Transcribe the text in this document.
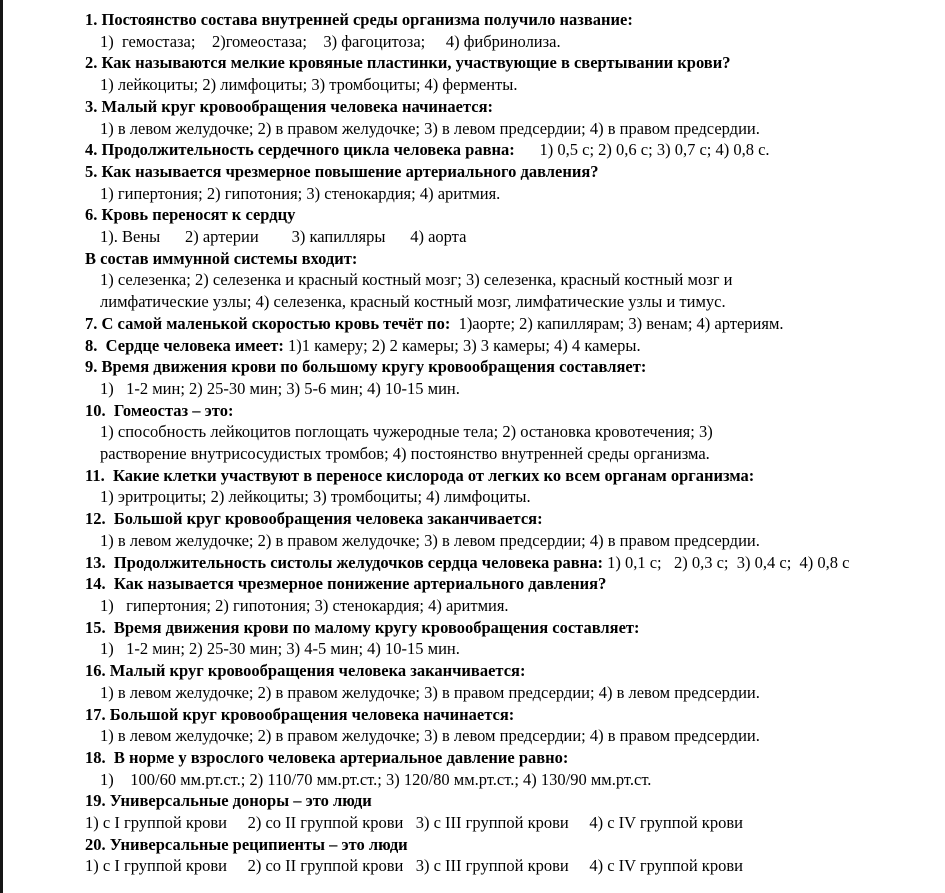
1. Постоянство состава внутренней среды организма получило название:
1)  гемостаза;    2)гомеостаза;    3) фагоцитоза;     4) фибринолиза.
2. Как называются мелкие кровяные пластинки, участвующие в свертывании крови?
1) лейкоциты; 2) лимфоциты; 3) тромбоциты; 4) ферменты.
3. Малый круг кровообращения человека начинается:
1) в левом желудочке; 2) в правом желудочке; 3) в левом предсердии; 4) в правом предсердии.
4. Продолжительность сердечного цикла человека равна:      1) 0,5 с; 2) 0,6 с; 3) 0,7 с; 4) 0,8 с.
5. Как называется чрезмерное повышение артериального давления?
1) гипертония; 2) гипотония; 3) стенокардия; 4) аритмия.
6. Кровь переносят к сердцу
1). Вены      2) артерии        3) капилляры      4) аорта
В состав иммунной системы входит:
1) селезенка; 2) селезенка и красный костный мозг; 3) селезенка, красный костный мозг и
лимфатические узлы; 4) селезенка, красный костный мозг, лимфатические узлы и тимус.
7. С самой маленькой скоростью кровь течёт по:  1)аорте; 2) капиллярам; 3) венам; 4) артериям.
8.  Сердце человека имеет: 1)1 камеру; 2) 2 камеры; 3) 3 камеры; 4) 4 камеры.
9. Время движения крови по большому кругу кровообращения составляет:
1)   1-2 мин; 2) 25-30 мин; 3) 5-6 мин; 4) 10-15 мин.
10.  Гомеостаз – это:
1) способность лейкоцитов поглощать чужеродные тела; 2) остановка кровотечения; 3)
растворение внутрисосудистых тромбов; 4) постоянство внутренней среды организма.
11.  Какие клетки участвуют в переносе кислорода от легких ко всем органам организма:
1) эритроциты; 2) лейкоциты; 3) тромбоциты; 4) лимфоциты.
12.  Большой круг кровообращения человека заканчивается:
1) в левом желудочке; 2) в правом желудочке; 3) в левом предсердии; 4) в правом предсердии.
13.  Продолжительность систолы желудочков сердца человека равна: 1) 0,1 с;   2) 0,3 с;  3) 0,4 с;  4) 0,8 с
14.  Как называется чрезмерное понижение артериального давления?
1)   гипертония; 2) гипотония; 3) стенокардия; 4) аритмия.
15.  Время движения крови по малому кругу кровообращения составляет:
1)   1-2 мин; 2) 25-30 мин; 3) 4-5 мин; 4) 10-15 мин.
16. Малый круг кровообращения человека заканчивается:
1) в левом желудочке; 2) в правом желудочке; 3) в правом предсердии; 4) в левом предсердии.
17. Большой круг кровообращения человека начинается:
1) в левом желудочке; 2) в правом желудочке; 3) в левом предсердии; 4) в правом предсердии.
18.  В норме у взрослого человека артериальное давление равно:
1)    100/60 мм.рт.ст.; 2) 110/70 мм.рт.ст.; 3) 120/80 мм.рт.ст.; 4) 130/90 мм.рт.ст.
19. Универсальные доноры – это люди
1) с I группой крови     2) со II группой крови   3) с III группой крови     4) с IV группой крови
20. Универсальные реципиенты – это люди
1) с I группой крови     2) со II группой крови   3) с III группой крови     4) с IV группой крови
